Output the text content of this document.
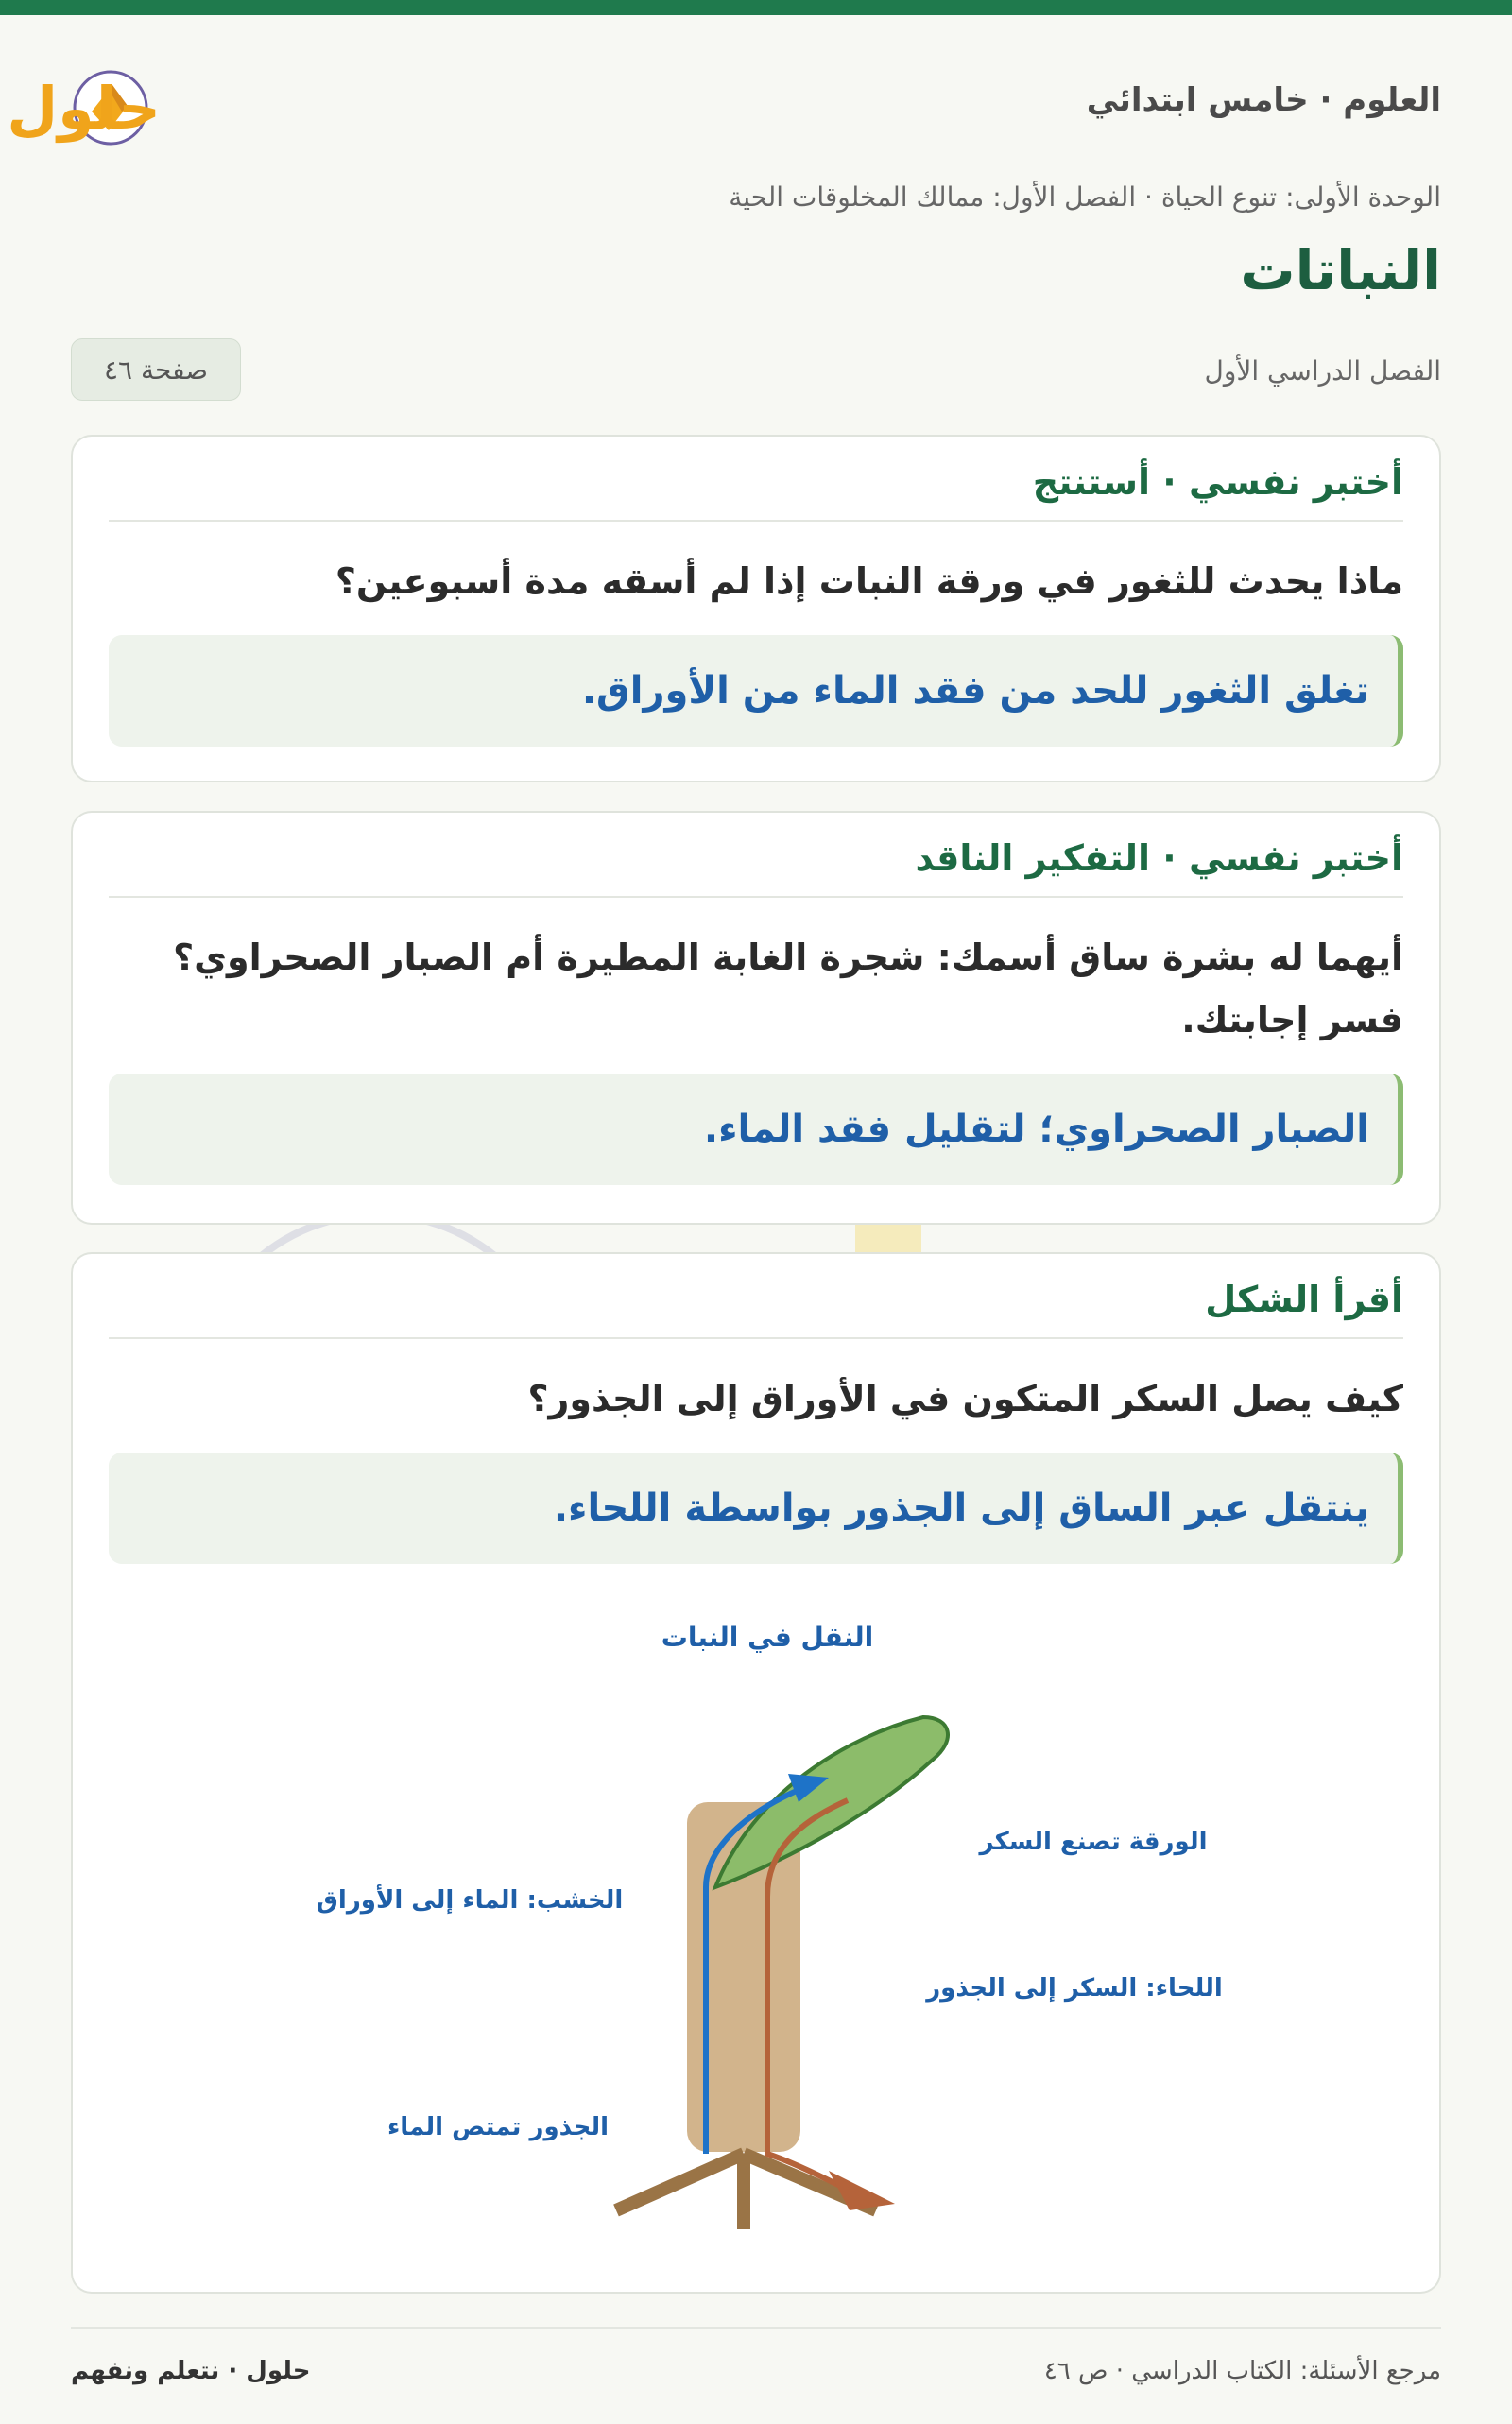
العلوم · خامس ابتدائي
حلول
الوحدة الأولى: تنوع الحياة · الفصل الأول: ممالك المخلوقات الحية
النباتات
الفصل الدراسي الأول
صفحة ٤٦
أختبر نفسي · أستنتج
ماذا يحدث للثغور في ورقة النبات إذا لم أسقه مدة أسبوعين؟
تغلق الثغور للحد من فقد الماء من الأوراق.
أختبر نفسي · التفكير الناقد
أيهما له بشرة ساق أسمك: شجرة الغابة المطيرة أم الصبار الصحراوي؟ فسر إجابتك.
الصبار الصحراوي؛ لتقليل فقد الماء.
أقرأ الشكل
كيف يصل السكر المتكون في الأوراق إلى الجذور؟
ينتقل عبر الساق إلى الجذور بواسطة اللحاء.
النقل في النبات
الورقة تصنع السكر
الخشب: الماء إلى الأوراق
اللحاء: السكر إلى الجذور
الجذور تمتص الماء
مرجع الأسئلة: الكتاب الدراسي · ص ٤٦
حلول · نتعلم ونفهم
